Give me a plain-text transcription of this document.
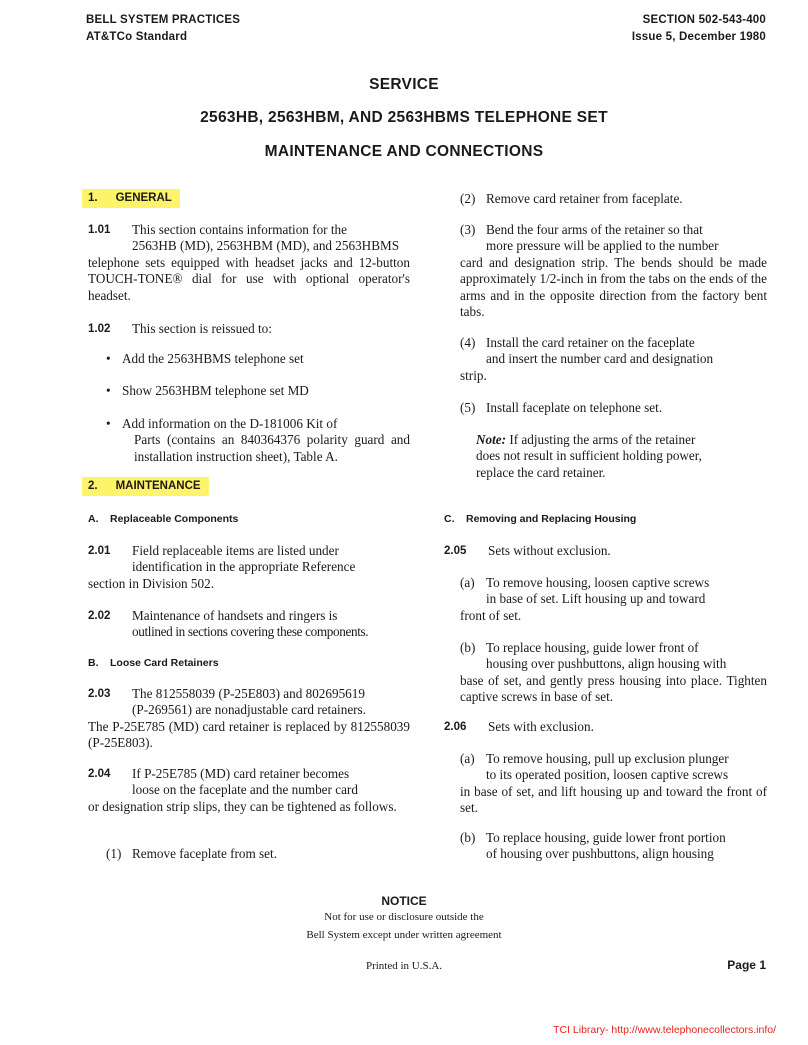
BELL SYSTEM PRACTICES
AT&TCo Standard
SECTION 502-543-400
Issue 5, December 1980
SERVICE
2563HB, 2563HBM, AND 2563HBMS TELEPHONE SET
MAINTENANCE AND CONNECTIONS
1. GENERAL
1.01	This section contains information for the
2563HB (MD), 2563HBM (MD), and 2563HBMS
telephone sets equipped with headset jacks and 12-button TOUCH-TONE® dial for use with optional operator's headset.
1.02	This section is reissued to:
• Add the 2563HBMS telephone set
• Show 2563HBM telephone set MD
• Add information on the D-181006 Kit of
Parts (contains an 840364376 polarity guard and installation instruction sheet), Table A.
2. MAINTENANCE
A. Replaceable Components
2.01	Field replaceable items are listed under
identification in the appropriate Reference
section in Division 502.
2.02	Maintenance of handsets and ringers is
outlined in sections covering these components.
B. Loose Card Retainers
2.03	The 812558039 (P-25E803) and 802695619
(P-269561) are nonadjustable card retainers.
The P-25E785 (MD) card retainer is replaced by 812558039 (P-25E803).
2.04	If P-25E785 (MD) card retainer becomes
loose on the faceplate and the number card
or designation strip slips, they can be tightened as follows.
(1) Remove faceplate from set.
(2) Remove card retainer from faceplate.
(3) Bend the four arms of the retainer so that
more pressure will be applied to the number
card and designation strip. The bends should be made approximately 1/2-inch in from the tabs on the ends of the arms and in the opposite direction from the factory bent tabs.
(4) Install the card retainer on the faceplate
and insert the number card and designation
strip.
(5) Install faceplate on telephone set.
Note: If adjusting the arms of the retainer
does not result in sufficient holding power,
replace the card retainer.
C. Removing and Replacing Housing
2.05	Sets without exclusion.
(a) To remove housing, loosen captive screws
in base of set. Lift housing up and toward
front of set.
(b) To replace housing, guide lower front of
housing over pushbuttons, align housing with
base of set, and gently press housing into place. Tighten captive screws in base of set.
2.06	Sets with exclusion.
(a) To remove housing, pull up exclusion plunger
to its operated position, loosen captive screws
in base of set, and lift housing up and toward the front of set.
(b) To replace housing, guide lower front portion
of housing over pushbuttons, align housing
NOTICE
Not for use or disclosure outside the
Bell System except under written agreement
Printed in U.S.A.	Page 1
TCI Library- http://www.telephonecollectors.info/
